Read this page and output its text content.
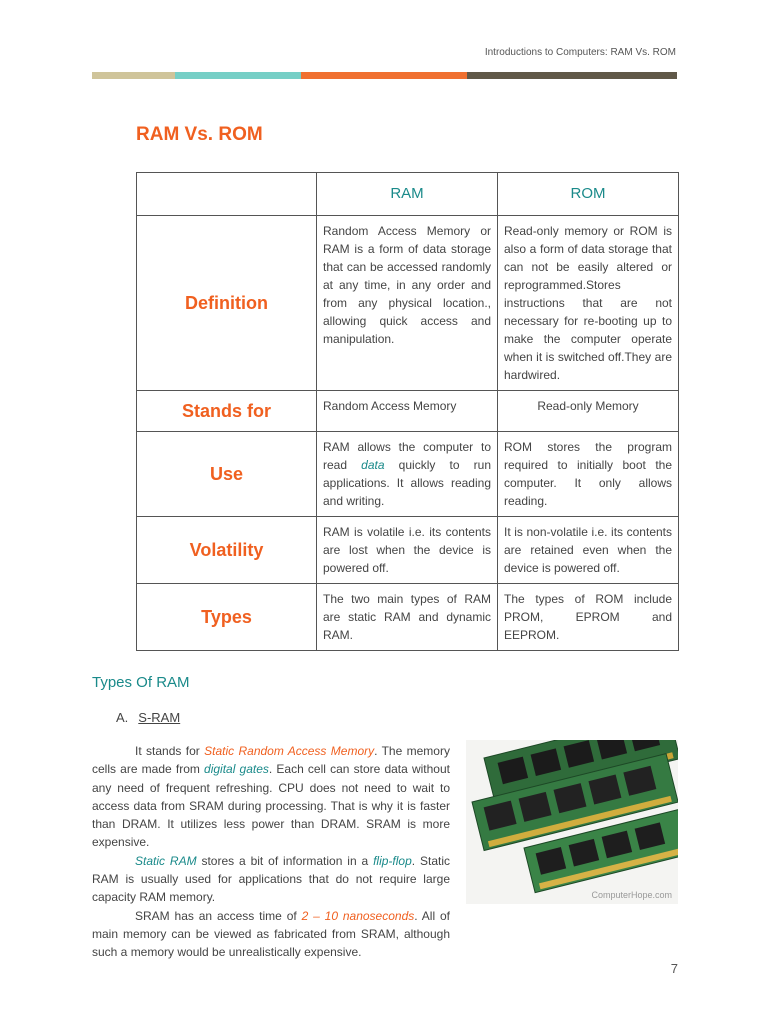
Introductions to Computers: RAM Vs. ROM
RAM Vs. ROM
	RAM	ROM
Definition	Random Access Memory or RAM is a form of data storage that can be accessed randomly at any time, in any order and from any physical location., allowing quick access and manipulation.	Read-only memory or ROM is also a form of data storage that can not be easily altered or reprogrammed.Stores instructions that are not necessary for re-booting up to make the computer operate when it is switched off.They are hardwired.
Stands for	Random Access Memory	Read-only Memory
Use	RAM allows the computer to read data quickly to run applications. It allows reading and writing.	ROM stores the program required to initially boot the computer. It only allows reading.
Volatility	RAM is volatile i.e. its contents are lost when the device is powered off.	It is non-volatile i.e. its contents are retained even when the device is powered off.
Types	The two main types of RAM are static RAM and dynamic RAM.	The types of ROM include PROM, EPROM and EEPROM.
Types Of RAM
A. S-RAM

It stands for Static Random Access Memory. The memory cells are made from digital gates. Each cell can store data without any need of frequent refreshing. CPU does not need to wait to access data from SRAM during processing. That is why it is faster than DRAM. It utilizes less power than DRAM. SRAM is more expensive.

Static RAM stores a bit of information in a flip-flop. Static RAM is usually used for applications that do not require large capacity RAM memory.

SRAM has an access time of 2 – 10 nanoseconds. All of main memory can be viewed as fabricated from SRAM, although such a memory would be unrealistically expensive.

ComputerHope.com
7
